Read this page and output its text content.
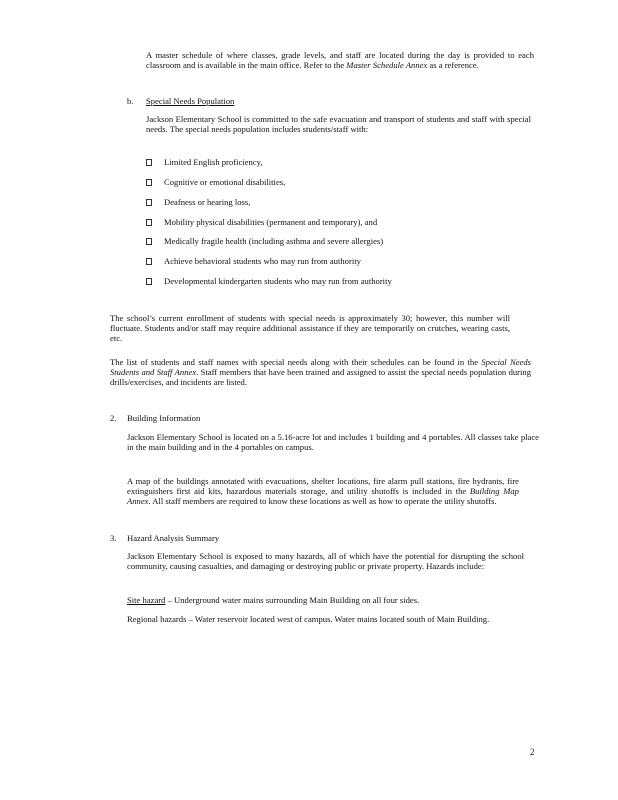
A master schedule of where classes, grade levels, and staff are located during the day is provided to each classroom and is available in the main office. Refer to the Master Schedule Annex as a reference.
b. Special Needs Population
Jackson Elementary School is committed to the safe evacuation and transport of students and staff with special needs. The special needs population includes students/staff with:
Limited English proficiency,
Cognitive or emotional disabilities,
Deafness or hearing loss,
Mobility physical disabilities (permanent and temporary), and
Medically fragile health (including asthma and severe allergies)
Achieve behavioral students who may run from authority
Developmental kindergarten students who may run from authority
The school’s current enrollment of students with special needs is approximately 30; however, this number will fluctuate. Students and/or staff may require additional assistance if they are temporarily on crutches, wearing casts, etc.
The list of students and staff names with special needs along with their schedules can be found in the Special Needs Students and Staff Annex. Staff members that have been trained and assigned to assist the special needs population during drills/exercises, and incidents are listed.
2. Building Information
Jackson Elementary School is located on a 5.16-acre lot and includes 1 building and 4 portables. All classes take place in the main building and in the 4 portables on campus.
A map of the buildings annotated with evacuations, shelter locations, fire alarm pull stations, fire hydrants, fire extinguishers first aid kits, hazardous materials storage, and utility shutoffs is included in the Building Map Annex. All staff members are required to know these locations as well as how to operate the utility shutoffs.
3. Hazard Analysis Summary
Jackson Elementary School is exposed to many hazards, all of which have the potential for disrupting the school community, causing casualties, and damaging or destroying public or private property. Hazards include:
Site hazard – Underground water mains surrounding Main Building on all four sides.
Regional hazards – Water reservoir located west of campus. Water mains located south of Main Building.
2
